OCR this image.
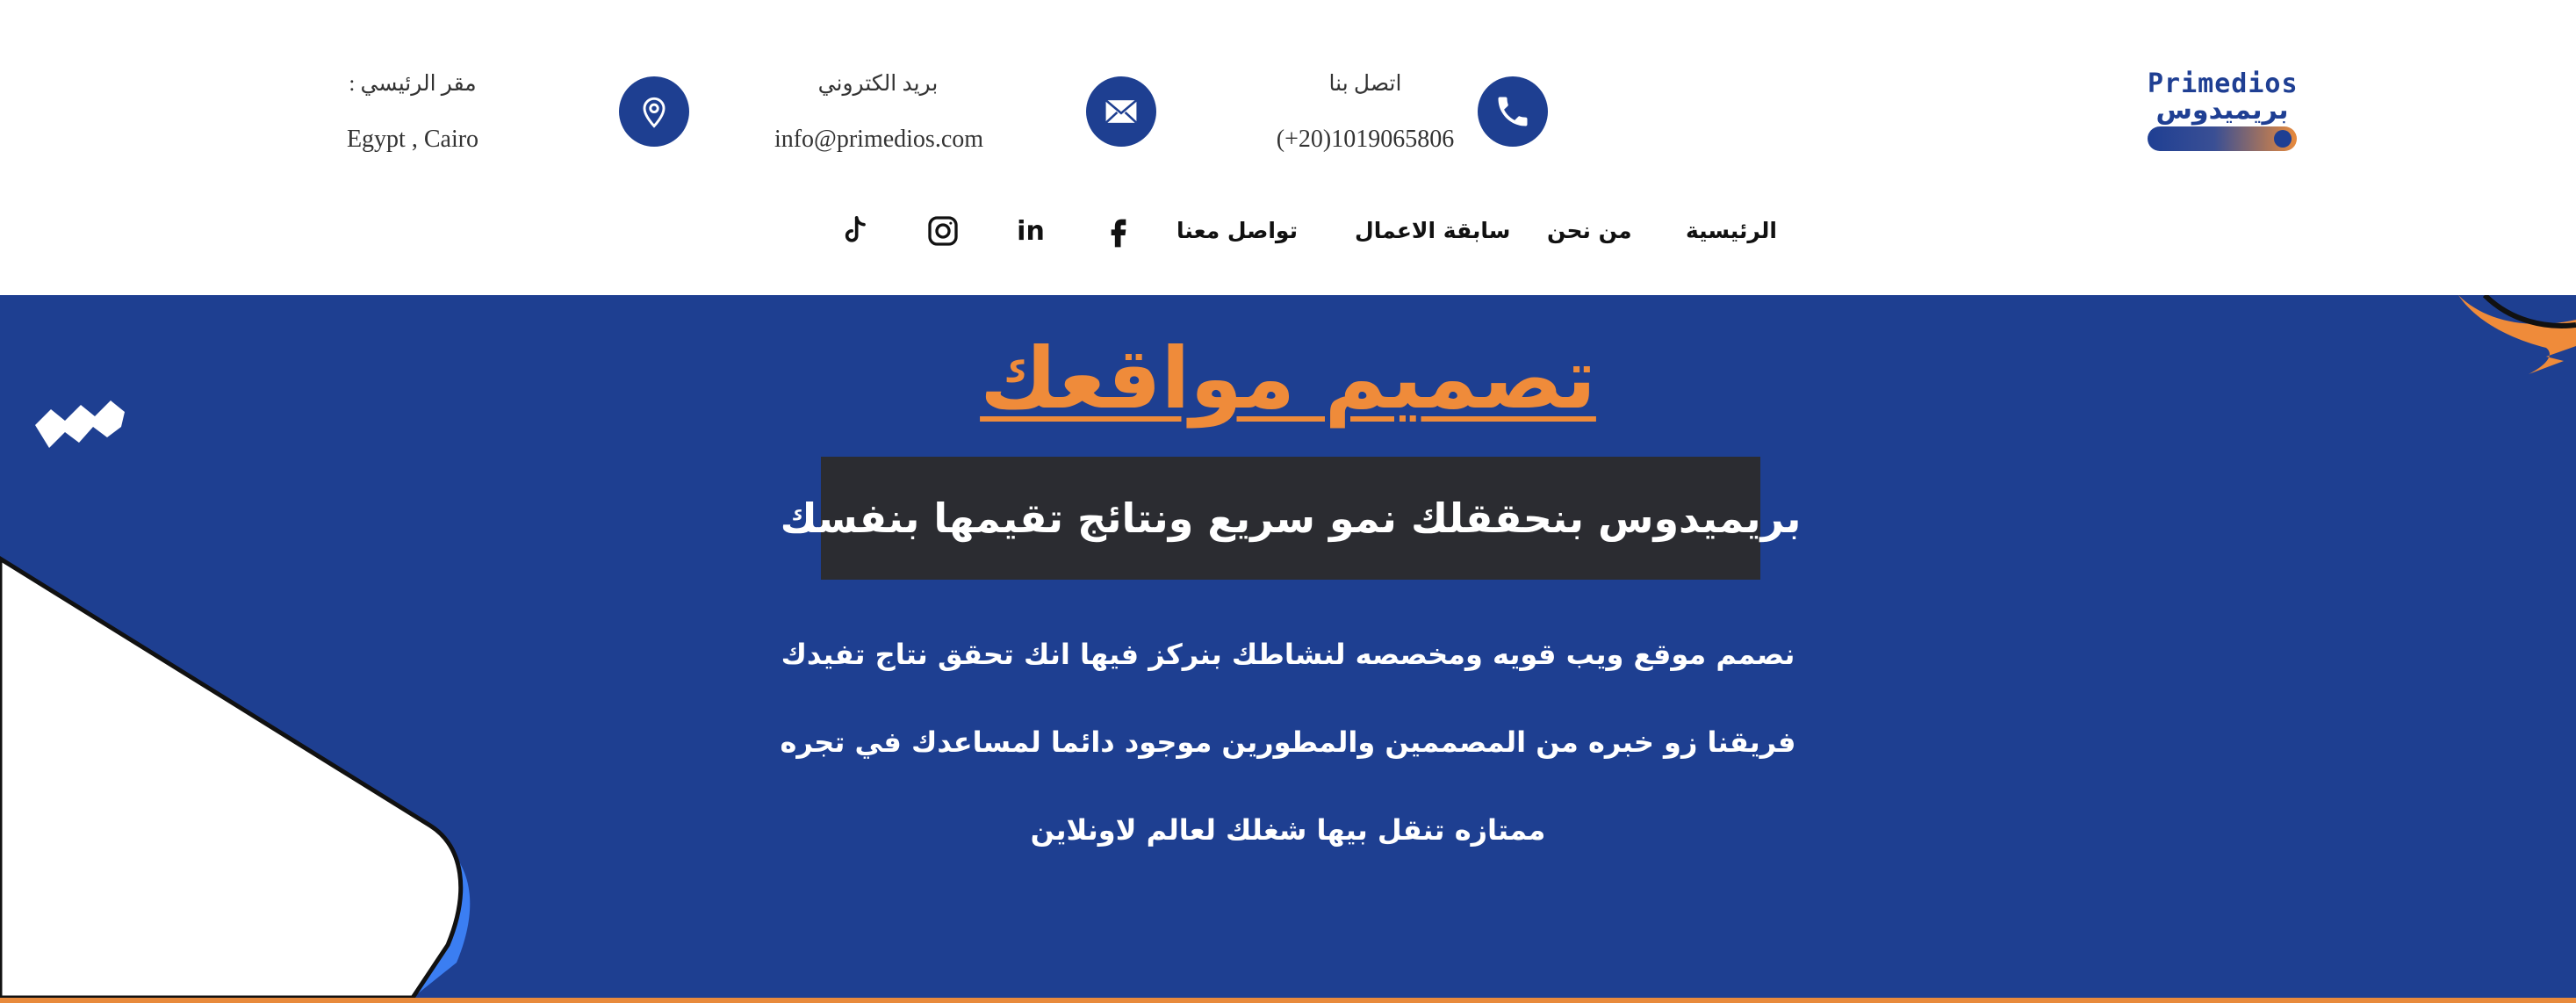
Primedios
بريميدوس
اتصل بنا
(+20)1019065806
بريد الكتروني
info@primedios.com
مقر الرئيسي :
Egypt , Cairo
الرئيسية
من نحن
سابقة الاعمال
تواصل معنا
in
تصميم مواقعك
بريميدوس بنحققلك نمو سريع ونتائج تقيمها بنفسك
نصمم موقع ويب قويه ومخصصه لنشاطك بنركز فيها انك تحقق نتاج تفيدك
فريقنا زو خبره من المصممين والمطورين موجود دائما لمساعدك في تجره
ممتازه تنقل بيها شغلك لعالم لاونلاين
